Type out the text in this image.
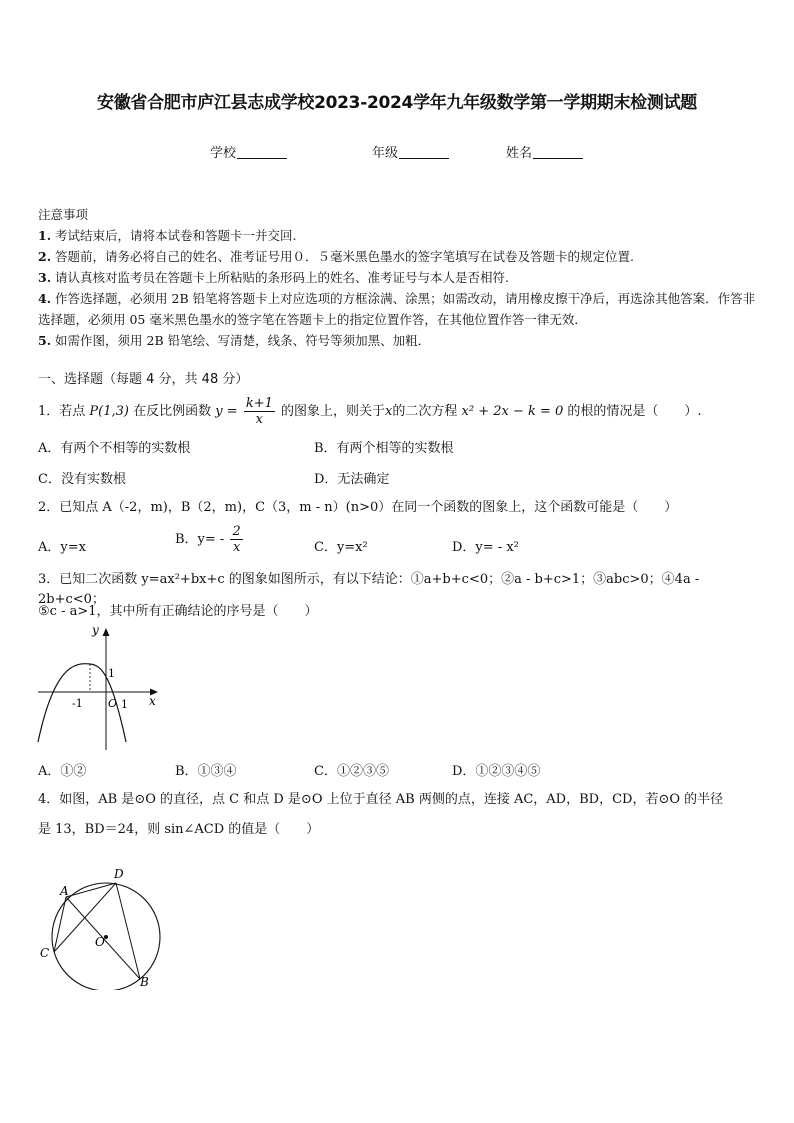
安徽省合肥市庐江县志成学校2023-2024学年九年级数学第一学期期末检测试题
学校	年级	姓名
注意事项
1. 考试结束后，请将本试卷和答题卡一并交回.
2. 答题前，请务必将自己的姓名、准考证号用０．５毫米黑色墨水的签字笔填写在试卷及答题卡的规定位置.
3. 请认真核对监考员在答题卡上所粘贴的条形码上的姓名、准考证号与本人是否相符.
4. 作答选择题，必须用 2B 铅笔将答题卡上对应选项的方框涂满、涂黑；如需改动，请用橡皮擦干净后，再选涂其他答案．作答非选择题，必须用 05 毫米黑色墨水的签字笔在答题卡上的指定位置作答，在其他位置作答一律无效．
5. 如需作图，须用 2B 铅笔绘、写清楚，线条、符号等须加黑、加粗．
一、选择题（每题 4 分，共 48 分）
1．若点 P(1,3) 在反比例函数 $y = \frac{k+1}{x}$ 的图象上，则关于x的二次方程 x² + 2x − k = 0 的根的情况是（　　）.
A．有两个不相等的实数根	B．有两个相等的实数根
C．没有实数根	D．无法确定
2．已知点 A（-2，m)，B（2，m)，C（3，m - n）(n>0）在同一个函数的图象上，这个函数可能是（　　）
A．y=x
B．$y= - \frac{2}{x}$	C．y=x²	D．y= - x²
3．已知二次函数 y=ax²+bx+c 的图象如图所示，有以下结论：①a+b+c<0；②a - b+c>1；③abc>0；④4a - 2b+c<0；
⑤c - a>1，其中所有正确结论的序号是（　　）
y
x
1
-1 O 1
A．①②	B．①③④	C．①②③⑤	D．①②③④⑤
4．如图，AB 是⊙O 的直径，点 C 和点 D 是⊙O 上位于直径 AB 两侧的点，连接 AC，AD，BD，CD，若⊙O 的半径
是 13，BD＝24，则 sin∠ACD 的值是（　　）
A
D
C
B
O
